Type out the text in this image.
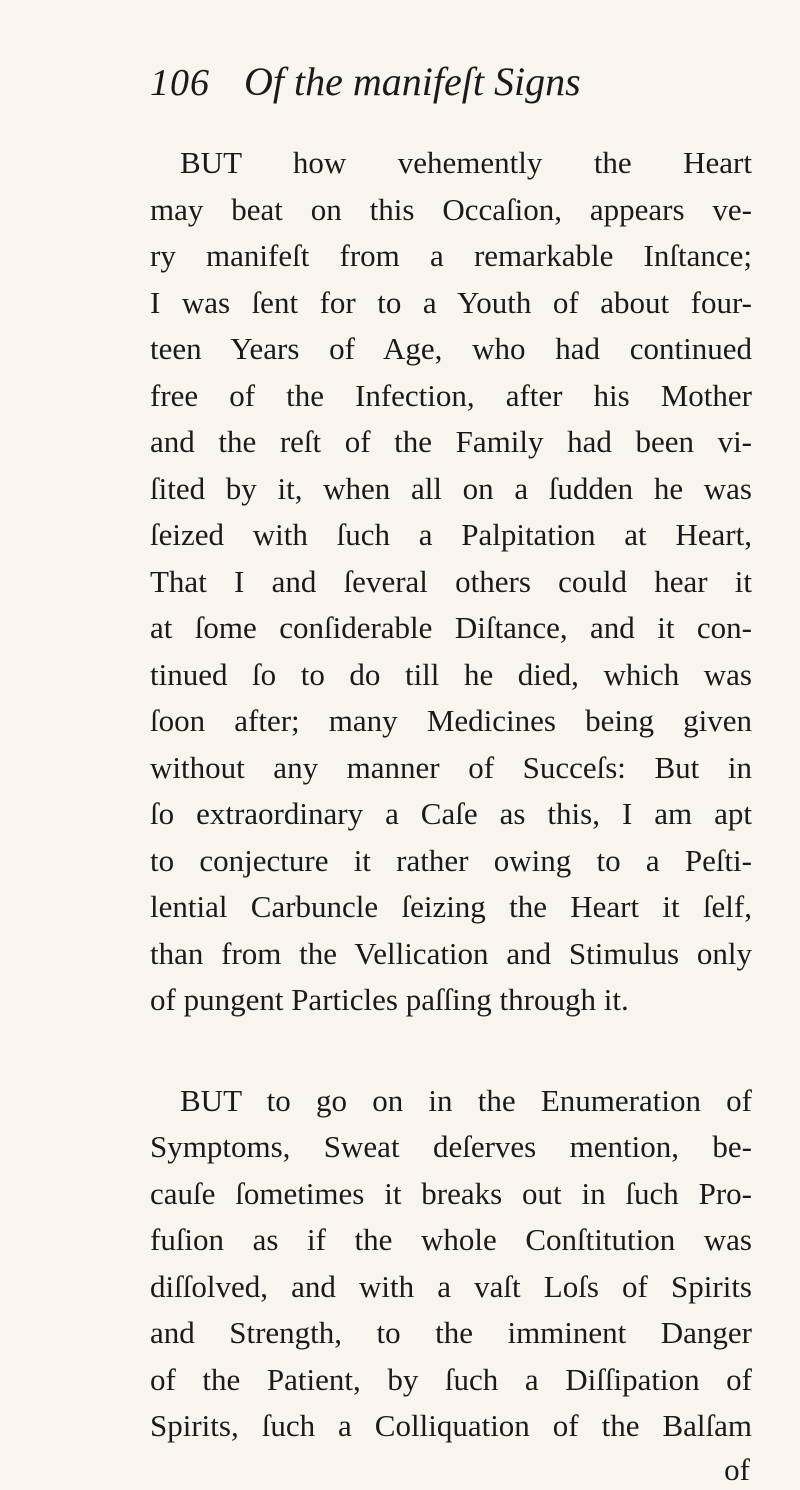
106 Of the manifeſt Signs
BUT how vehemently the Heart
may beat on this Occaſion, appears ve-
ry manifeſt from a remarkable Inſtance;
I was ſent for to a Youth of about four-
teen Years of Age, who had continued
free of the Infection, after his Mother
and the reſt of the Family had been vi-
ſited by it, when all on a ſudden he was
ſeized with ſuch a Palpitation at Heart,
That I and ſeveral others could hear it
at ſome conſiderable Diſtance, and it con-
tinued ſo to do till he died, which was
ſoon after; many Medicines being given
without any manner of Succeſs: But in
ſo extraordinary a Caſe as this, I am apt
to conjecture it rather owing to a Peſti-
lential Carbuncle ſeizing the Heart it ſelf,
than from the Vellication and Stimulus only
of pungent Particles paſſing through it.
BUT to go on in the Enumeration of
Symptoms, Sweat deſerves mention, be-
cauſe ſometimes it breaks out in ſuch Pro-
fuſion as if the whole Conſtitution was
diſſolved, and with a vaſt Loſs of Spirits
and Strength, to the imminent Danger
of the Patient, by ſuch a Diſſipation of
Spirits, ſuch a Colliquation of the Balſam
of
